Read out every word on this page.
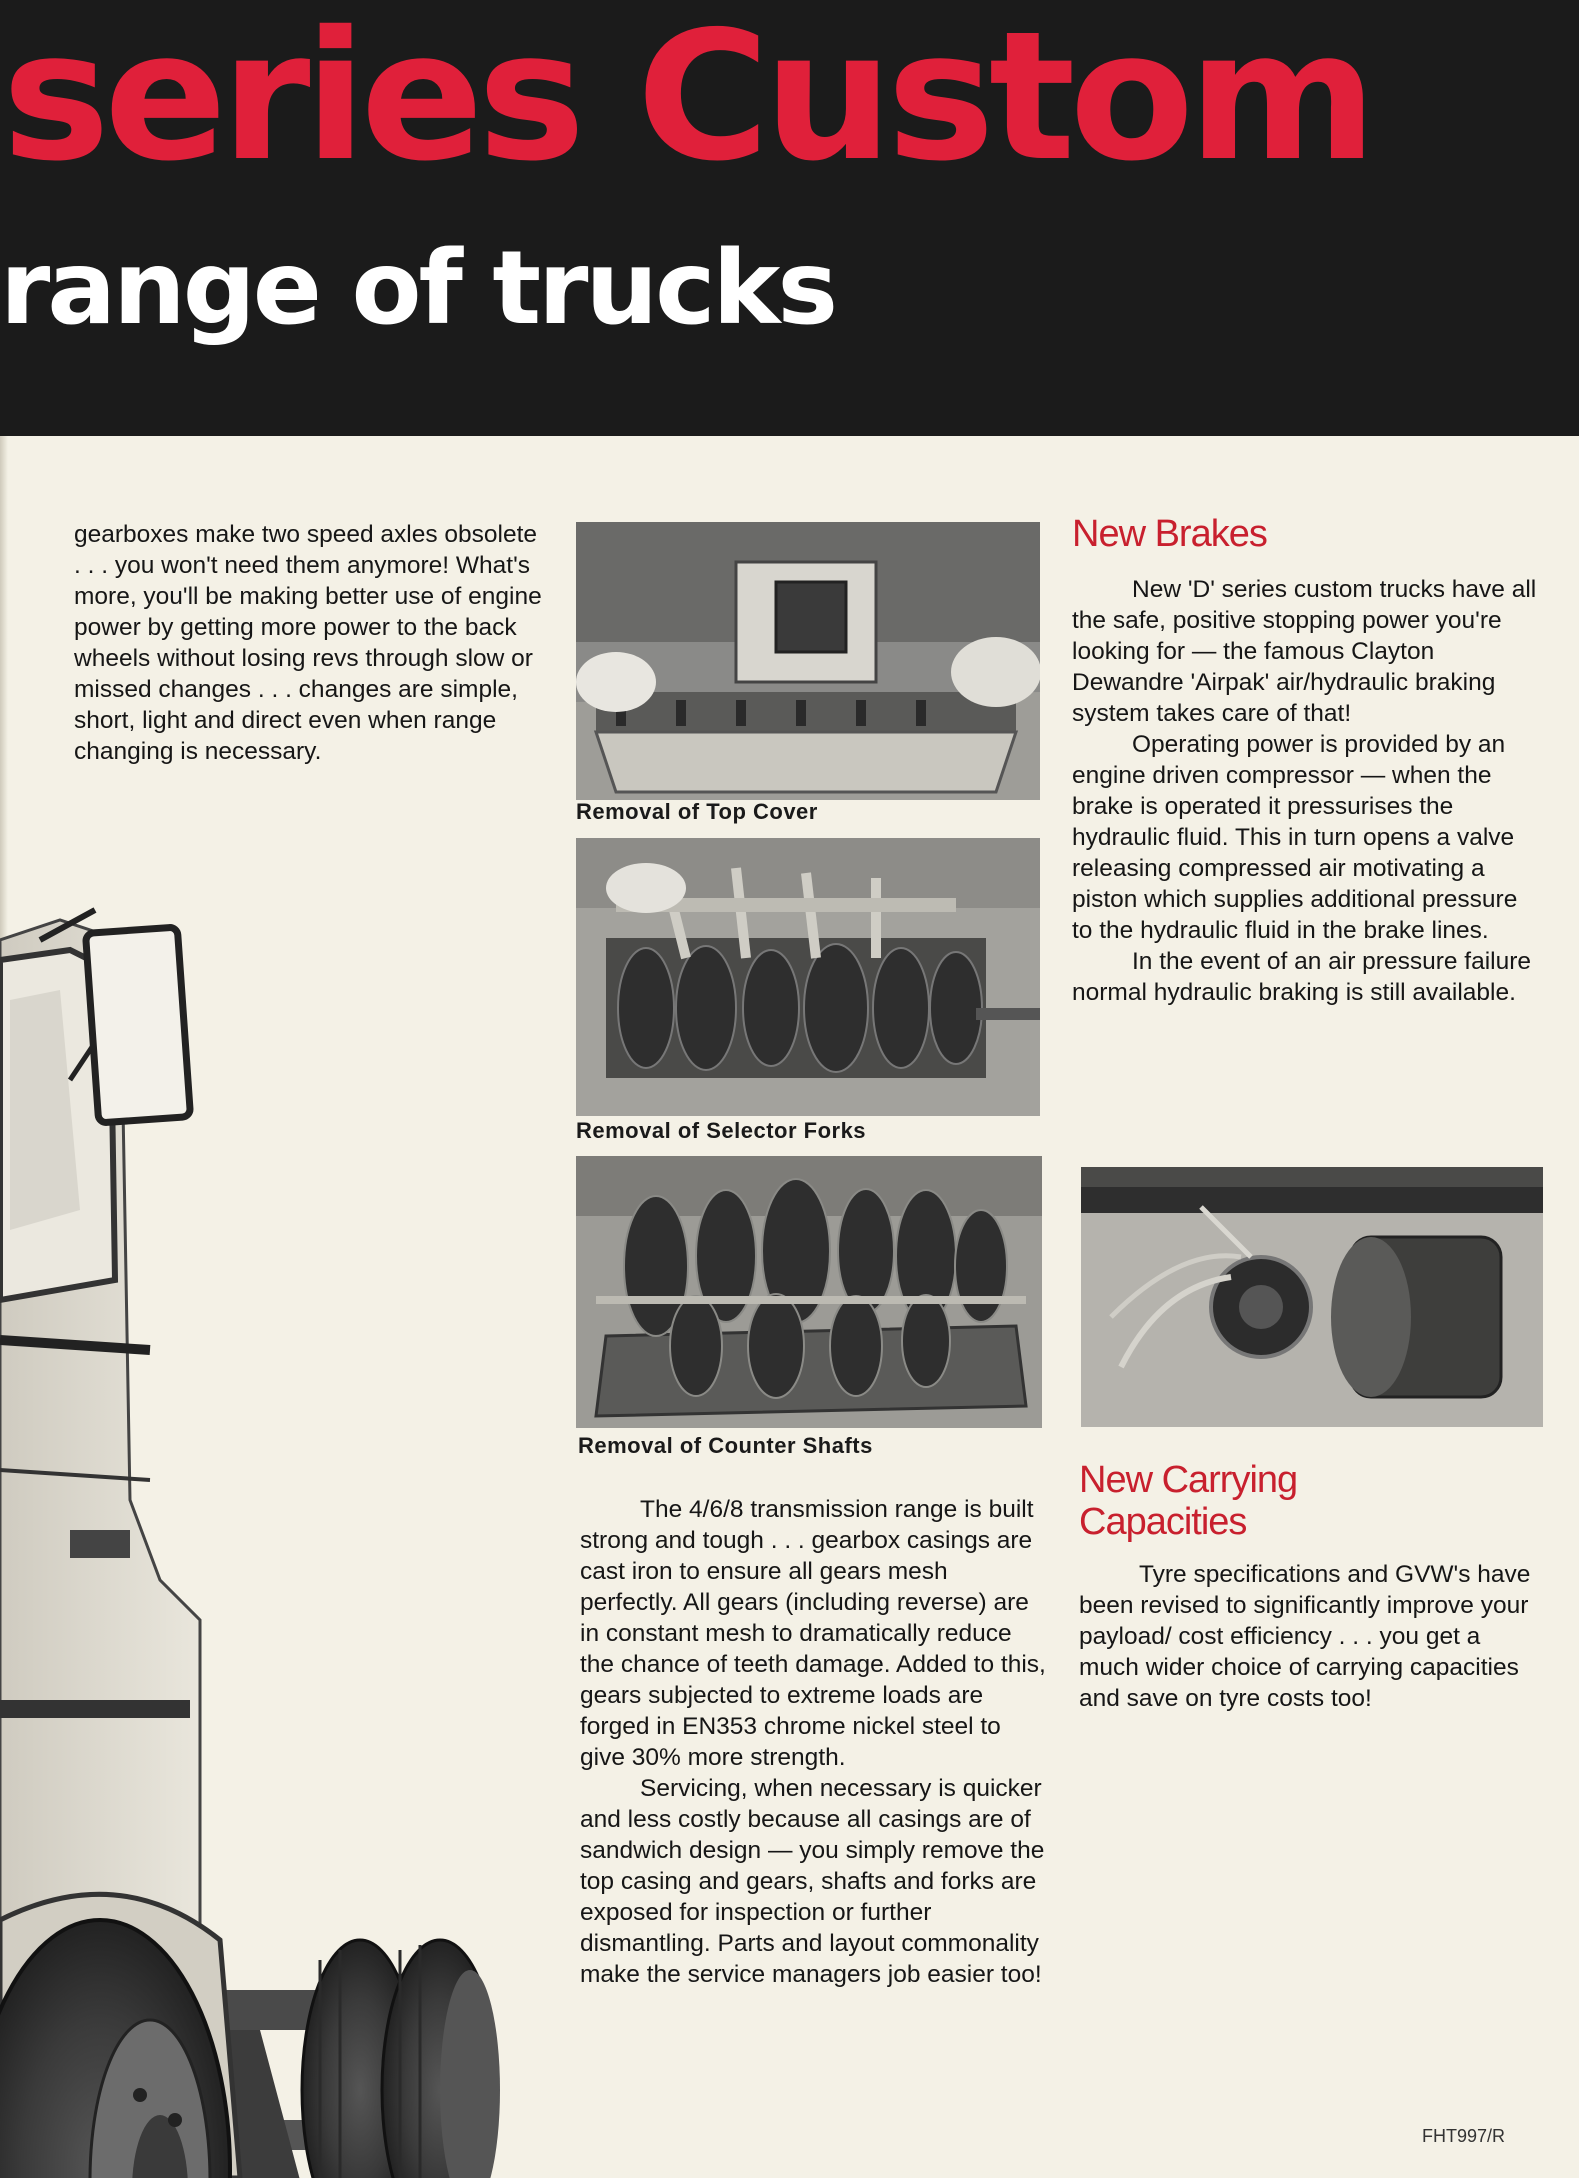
series Custom
range of trucks

gearboxes make two speed axles obsolete . . . you won't need them anymore! What's more, you'll be making better use of engine power by getting more power to the back wheels without losing revs through slow or missed changes . . . changes are simple, short, light and direct even when range changing is necessary.

Removal of Top Cover
Removal of Selector Forks
Removal of Counter Shafts

The 4/6/8 transmission range is built strong and tough . . . gearbox casings are cast iron to ensure all gears mesh perfectly. All gears (including reverse) are in constant mesh to dramatically reduce the chance of teeth damage. Added to this, gears subjected to extreme loads are forged in EN353 chrome nickel steel to give 30% more strength.

Servicing, when necessary is quicker and less costly because all casings are of sandwich design — you simply remove the top casing and gears, shafts and forks are exposed for inspection or further dismantling. Parts and layout commonality make the service managers job easier too!

New Brakes

New 'D' series custom trucks have all the safe, positive stopping power you're looking for — the famous Clayton Dewandre 'Airpak' air/hydraulic braking system takes care of that!

Operating power is provided by an engine driven compressor — when the brake is operated it pressurises the hydraulic fluid. This in turn opens a valve releasing compressed air motivating a piston which supplies additional pressure to the hydraulic fluid in the brake lines.

In the event of an air pressure failure normal hydraulic braking is still available.

New Carrying Capacities

Tyre specifications and GVW's have been revised to significantly improve your payload/ cost efficiency . . . you get a much wider choice of carrying capacities and save on tyre costs too!

FHT997/R
